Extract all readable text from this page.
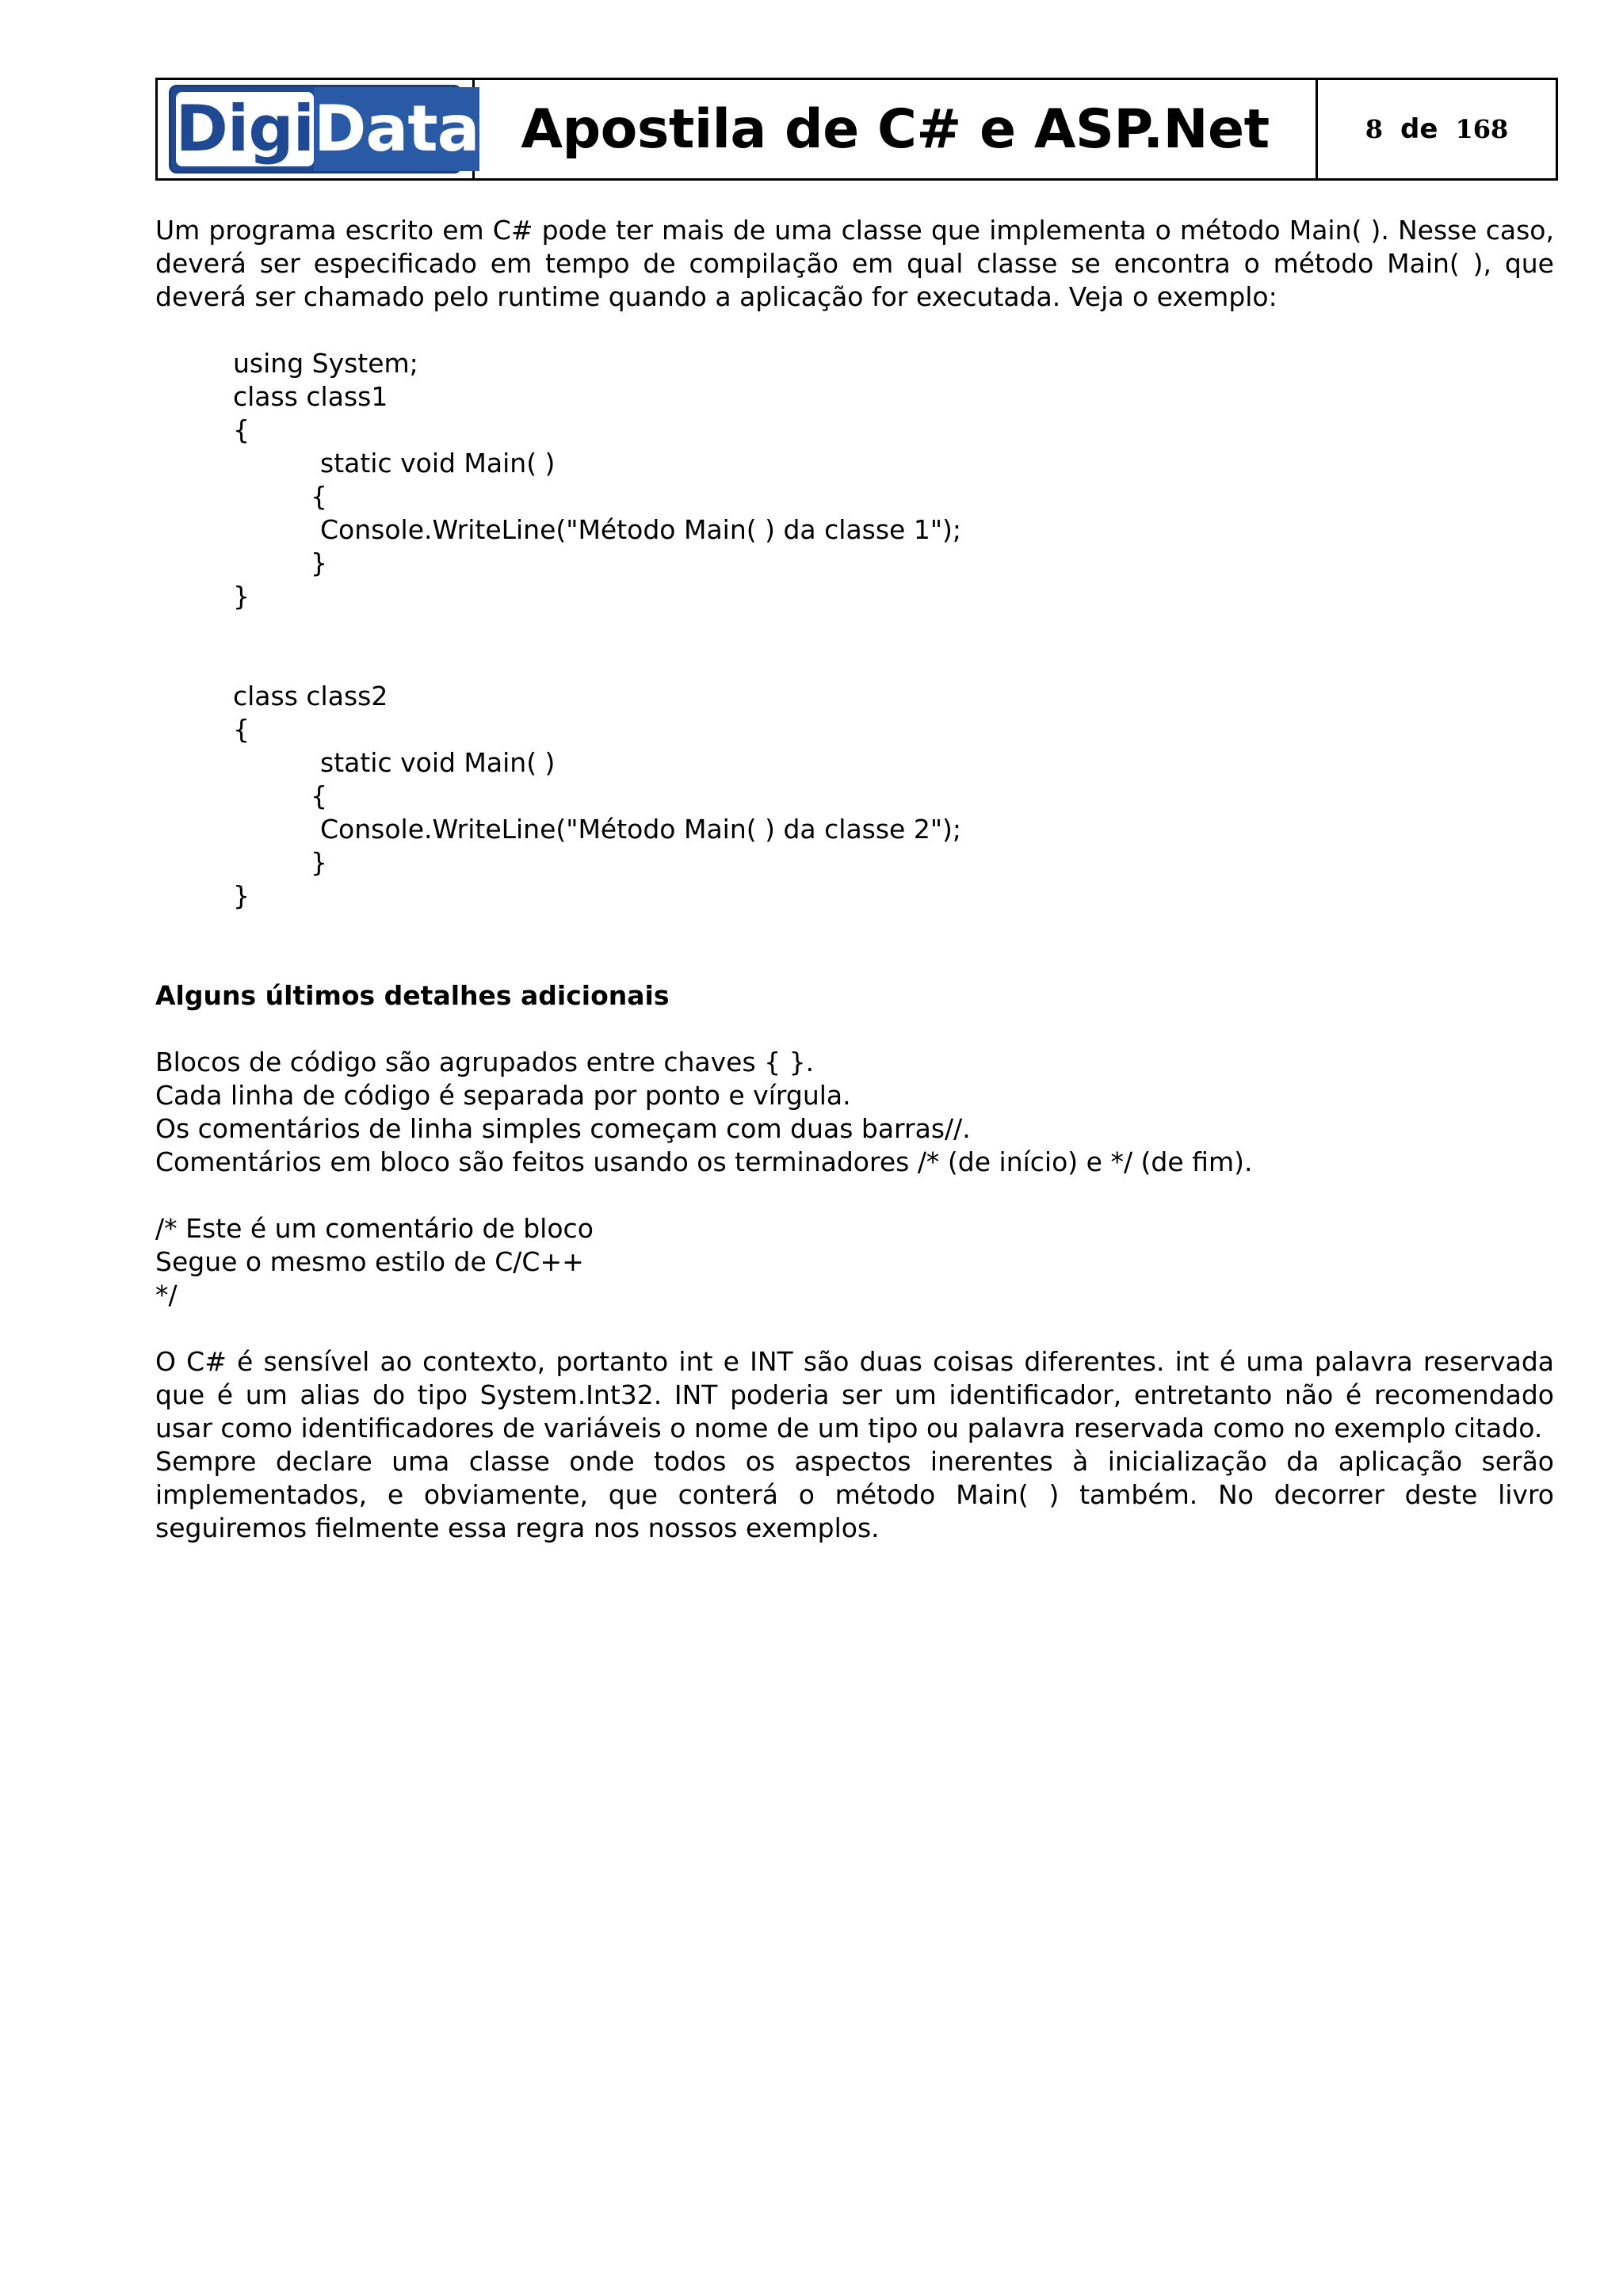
Digi Data Apostila de C# e ASP.Net	8 de 168

Um programa escrito em C# pode ter mais de uma classe que implementa o método Main( ). Nesse caso, deverá ser especificado em tempo de compilação em qual classe se encontra o método Main( ), que deverá ser chamado pelo runtime quando a aplicação for executada. Veja o exemplo:

using System;
class class1
{
static void Main( )
{
Console.WriteLine("Método Main( ) da classe 1");
}
}
class class2
{
static void Main( )
{
Console.WriteLine("Método Main( ) da classe 2");
}
}

Alguns últimos detalhes adicionais

Blocos de código são agrupados entre chaves { }.
Cada linha de código é separada por ponto e vírgula.
Os comentários de linha simples começam com duas barras//.
Comentários em bloco são feitos usando os terminadores /* (de início) e */ (de fim).
/* Este é um comentário de bloco
Segue o mesmo estilo de C/C++
*/

O C# é sensível ao contexto, portanto int e INT são duas coisas diferentes. int é uma palavra reservada que é um alias do tipo System.Int32. INT poderia ser um identificador, entretanto não é recomendado usar como identificadores de variáveis o nome de um tipo ou palavra reservada como no exemplo citado.

Sempre declare uma classe onde todos os aspectos inerentes à inicialização da aplicação serão implementados, e obviamente, que conterá o método Main( ) também. No decorrer deste livro seguiremos fielmente essa regra nos nossos exemplos.
